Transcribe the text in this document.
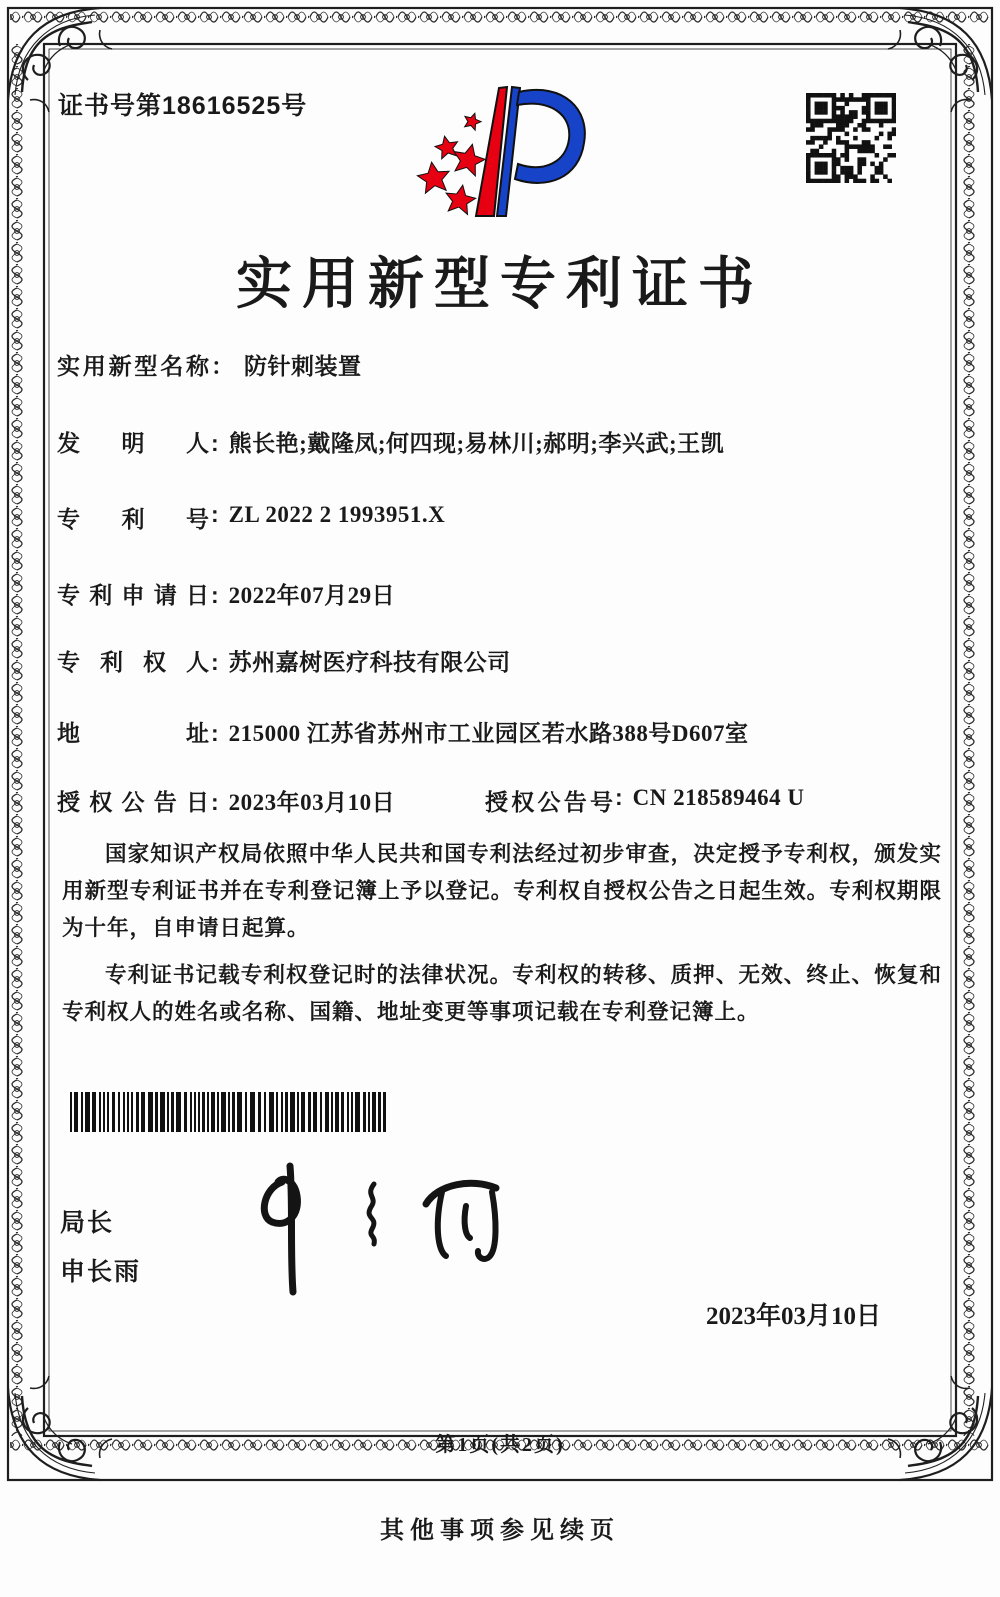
证书号第18616525号
实用新型专利证书
实用新型名称： 防针刺装置
发明人: 熊长艳;戴隆凤;何四现;易林川;郝明;李兴武;王凯
专利号: ZL 2022 2 1993951.X
专利申请日: 2022年07月29日
专利权人: 苏州嘉树医疗科技有限公司
地址: 215000 江苏省苏州市工业园区若水路388号D607室
授权公告日: 2023年03月10日	授权公告号: CN 218589464 U

国家知识产权局依照中华人民共和国专利法经过初步审查，决定授予专利权，颁发实用新型专利证书并在专利登记簿上予以登记。专利权自授权公告之日起生效。专利权期限为十年，自申请日起算。

专利证书记载专利权登记时的法律状况。专利权的转移、质押、无效、终止、恢复和专利权人的姓名或名称、国籍、地址变更等事项记载在专利登记簿上。

局长
申长雨
2023年03月10日
第1页(共2页)
其他事项参见续页
